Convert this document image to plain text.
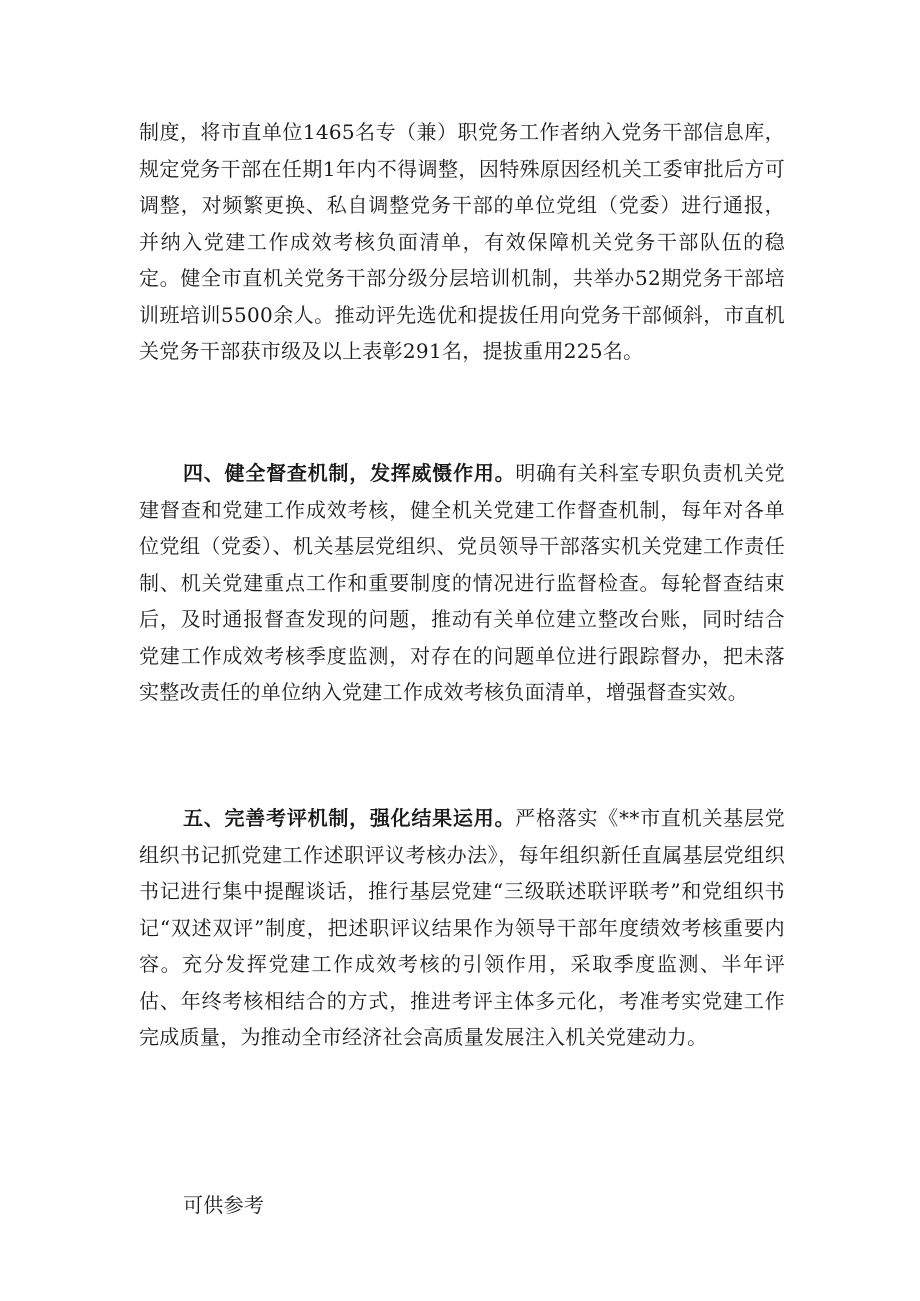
制度，将市直单位1465名专（兼）职党务工作者纳入党务干部信息库，规定党务干部在任期1年内不得调整，因特殊原因经机关工委审批后方可调整，对频繁更换、私自调整党务干部的单位党组（党委）进行通报，并纳入党建工作成效考核负面清单，有效保障机关党务干部队伍的稳定。健全市直机关党务干部分级分层培训机制，共举办52期党务干部培训班培训5500余人。推动评先选优和提拔任用向党务干部倾斜，市直机关党务干部获市级及以上表彰291名，提拔重用225名。

四、健全督查机制，发挥威慑作用。明确有关科室专职负责机关党建督查和党建工作成效考核，健全机关党建工作督查机制，每年对各单位党组（党委）、机关基层党组织、党员领导干部落实机关党建工作责任制、机关党建重点工作和重要制度的情况进行监督检查。每轮督查结束后，及时通报督查发现的问题，推动有关单位建立整改台账，同时结合党建工作成效考核季度监测，对存在的问题单位进行跟踪督办，把未落实整改责任的单位纳入党建工作成效考核负面清单，增强督查实效。

五、完善考评机制，强化结果运用。严格落实《**市直机关基层党组织书记抓党建工作述职评议考核办法》，每年组织新任直属基层党组织书记进行集中提醒谈话，推行基层党建“三级联述联评联考”和党组织书记“双述双评”制度，把述职评议结果作为领导干部年度绩效考核重要内容。充分发挥党建工作成效考核的引领作用，采取季度监测、半年评估、年终考核相结合的方式，推进考评主体多元化，考准考实党建工作完成质量，为推动全市经济社会高质量发展注入机关党建动力。

可供参考
